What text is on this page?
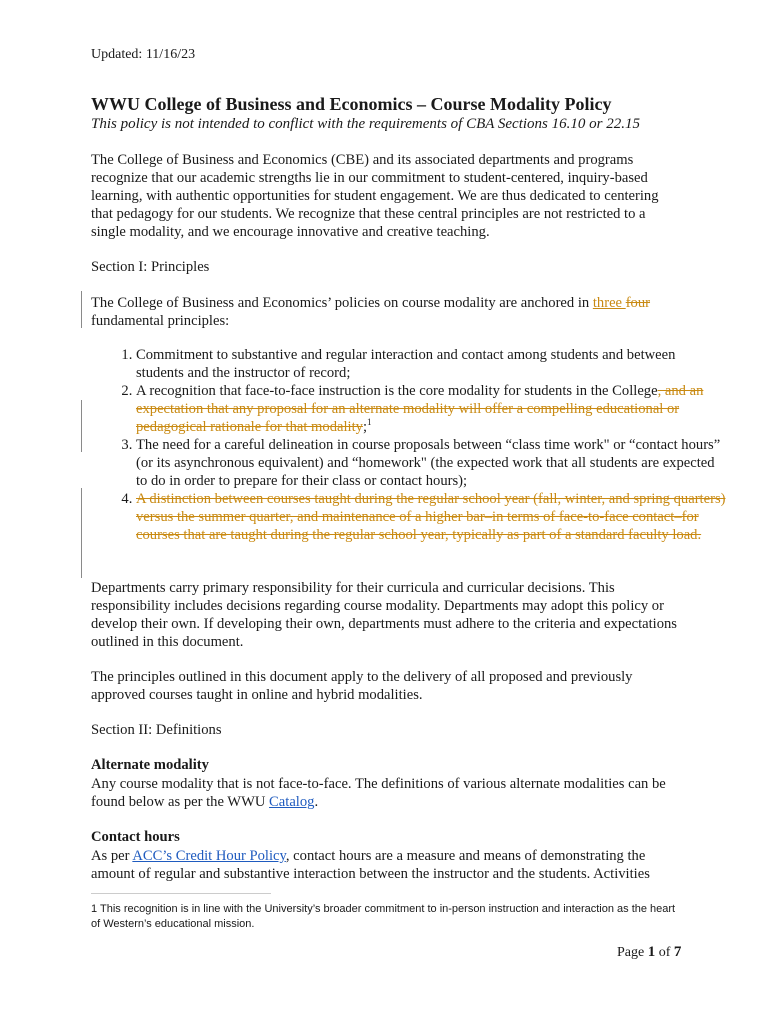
Updated: 11/16/23
WWU College of Business and Economics – Course Modality Policy
This policy is not intended to conflict with the requirements of CBA Sections 16.10 or 22.15
The College of Business and Economics (CBE) and its associated departments and programs recognize that our academic strengths lie in our commitment to student-centered, inquiry-based learning, with authentic opportunities for student engagement. We are thus dedicated to centering that pedagogy for our students. We recognize that these central principles are not restricted to a single modality, and we encourage innovative and creative teaching.
Section I: Principles
The College of Business and Economics’ policies on course modality are anchored in three four
fundamental principles:
1. Commitment to substantive and regular interaction and contact among students and between students and the instructor of record;
2. A recognition that face-to-face instruction is the core modality for students in the College, and an expectation that any proposal for an alternate modality will offer a compelling educational or pedagogical rationale for that modality;$^1$
3. The need for a careful delineation in course proposals between “class time work" or “contact hours” (or its asynchronous equivalent) and “homework" (the expected work that all students are expected to do in order to prepare for their class or contact hours);
4. A distinction between courses taught during the regular school year (fall, winter, and spring quarters) versus the summer quarter, and maintenance of a higher bar–in terms of face-to-face contact–for courses that are taught during the regular school year, typically as part of a standard faculty load.
Departments carry primary responsibility for their curricula and curricular decisions. This responsibility includes decisions regarding course modality. Departments may adopt this policy or develop their own. If developing their own, departments must adhere to the criteria and expectations outlined in this document.
The principles outlined in this document apply to the delivery of all proposed and previously approved courses taught in online and hybrid modalities.
Section II: Definitions
Alternate modality
Any course modality that is not face-to-face. The definitions of various alternate modalities can be found below as per the WWU Catalog.
Contact hours
As per ACC’s Credit Hour Policy, contact hours are a measure and means of demonstrating the amount of regular and substantive interaction between the instructor and the students. Activities
1 This recognition is in line with the University’s broader commitment to in-person instruction and interaction as the heart of Western’s educational mission.
Page 1 of 7
